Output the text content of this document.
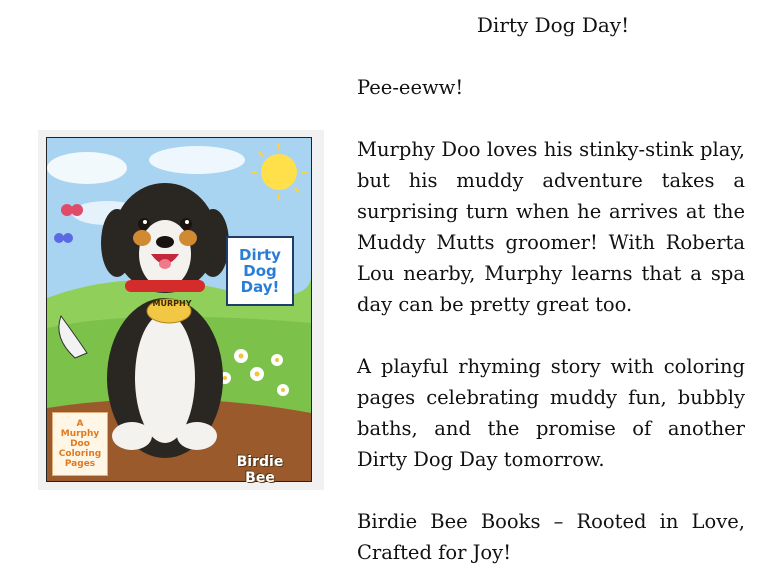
Dirty Dog Day!
MURPHY
Dirty
Dog
Day!
A
Murphy
Doo
Coloring
Pages	Birdie Bee

Pee-eeww!

Murphy Doo loves his stinky-stink play, but his muddy adventure takes a surprising turn when he arrives at the Muddy Mutts groomer! With Roberta Lou nearby, Murphy learns that a spa day can be pretty great too.

A playful rhyming story with coloring pages celebrating muddy fun, bubbly baths, and the promise of another Dirty Dog Day tomorrow.

Birdie Bee Books – Rooted in Love, Crafted for Joy!
